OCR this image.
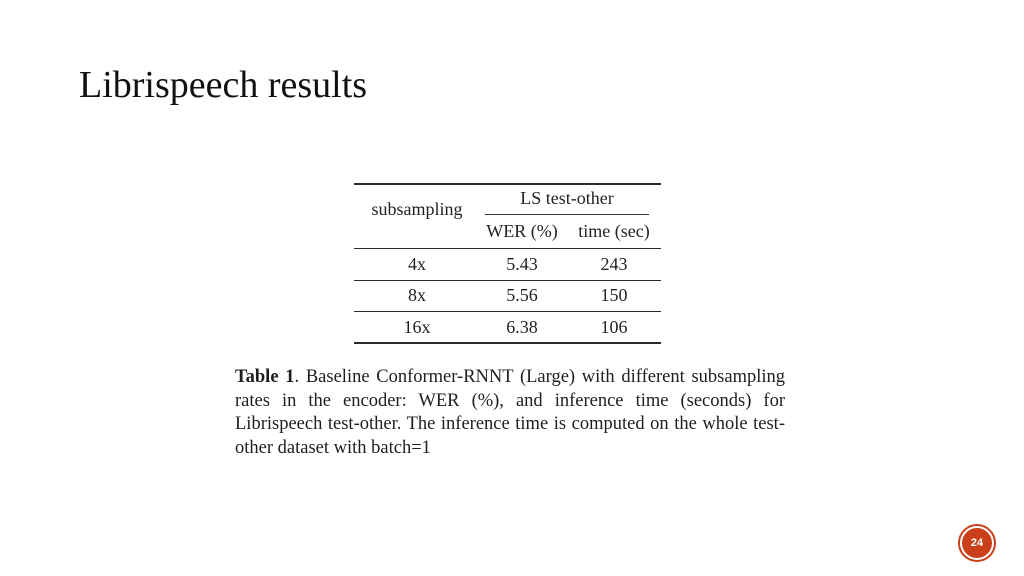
Librispeech results
subsampling
LS test-other
WER (%)	time (sec)
4x	5.43	243
8x	5.56	150
16x	6.38	106
Table 1. Baseline Conformer-RNNT (Large) with different subsampling rates in the encoder: WER (%), and inference time (seconds) for Librispeech test-other. The inference time is computed on the whole test-other dataset with batch=1
24
